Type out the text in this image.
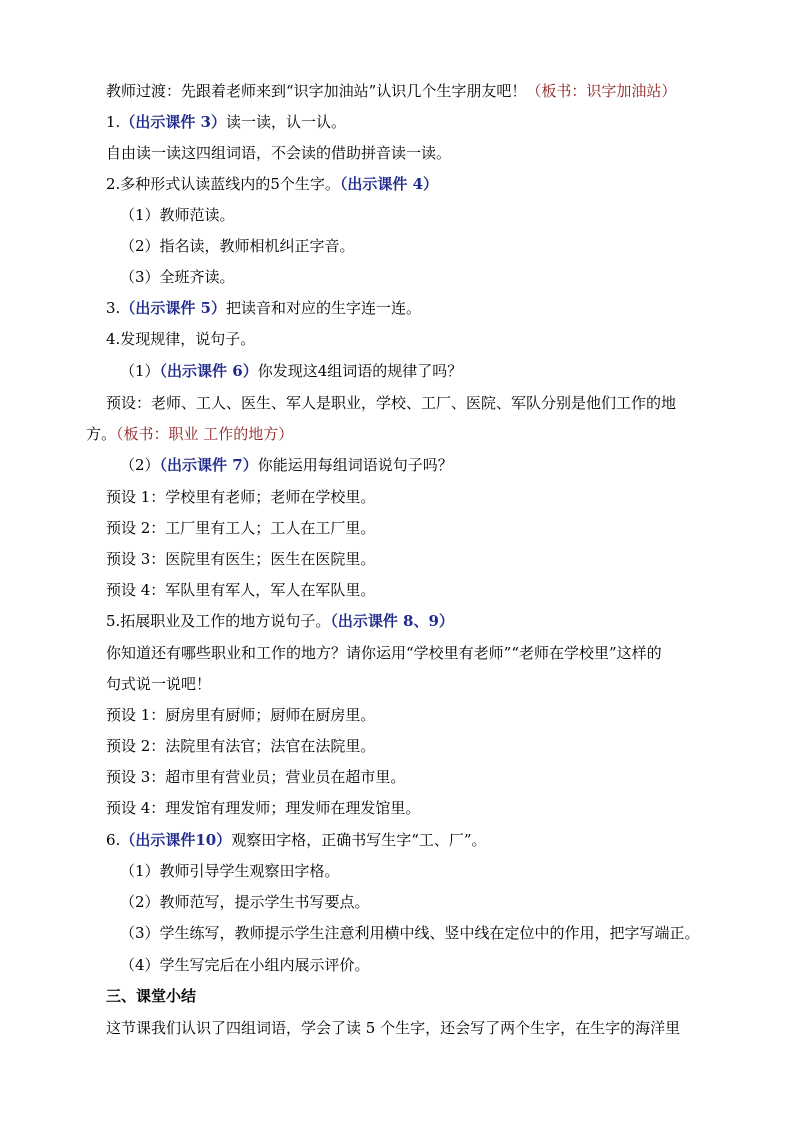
教师过渡：先跟着老师来到“识字加油站”认识几个生字朋友吧！（板书：识字加油站）
1.（出示课件 3）读一读，认一认。
自由读一读这四组词语，不会读的借助拼音读一读。
2.多种形式认读蓝线内的5个生字。（出示课件 4）
（1）教师范读。
（2）指名读，教师相机纠正字音。
（3）全班齐读。
3.（出示课件 5）把读音和对应的生字连一连。
4.发现规律，说句子。
（1）（出示课件 6）你发现这4组词语的规律了吗？
预设：老师、工人、医生、军人是职业，学校、工厂、医院、军队分别是他们工作的地
方。（板书：职业 工作的地方）
（2）（出示课件 7）你能运用每组词语说句子吗？
预设 1：学校里有老师；老师在学校里。
预设 2：工厂里有工人；工人在工厂里。
预设 3：医院里有医生；医生在医院里。
预设 4：军队里有军人，军人在军队里。
5.拓展职业及工作的地方说句子。（出示课件 8、9）
你知道还有哪些职业和工作的地方？请你运用“学校里有老师”“老师在学校里”这样的
句式说一说吧！
预设 1：厨房里有厨师；厨师在厨房里。
预设 2：法院里有法官；法官在法院里。
预设 3：超市里有营业员；营业员在超市里。
预设 4：理发馆有理发师；理发师在理发馆里。
6.（出示课件10）观察田字格，正确书写生字“工、厂”。
（1）教师引导学生观察田字格。
（2）教师范写，提示学生书写要点。
（3）学生练写，教师提示学生注意利用横中线、竖中线在定位中的作用，把字写端正。
（4）学生写完后在小组内展示评价。
三、课堂小结
这节课我们认识了四组词语，学会了读 5 个生字，还会写了两个生字，在生字的海洋里
